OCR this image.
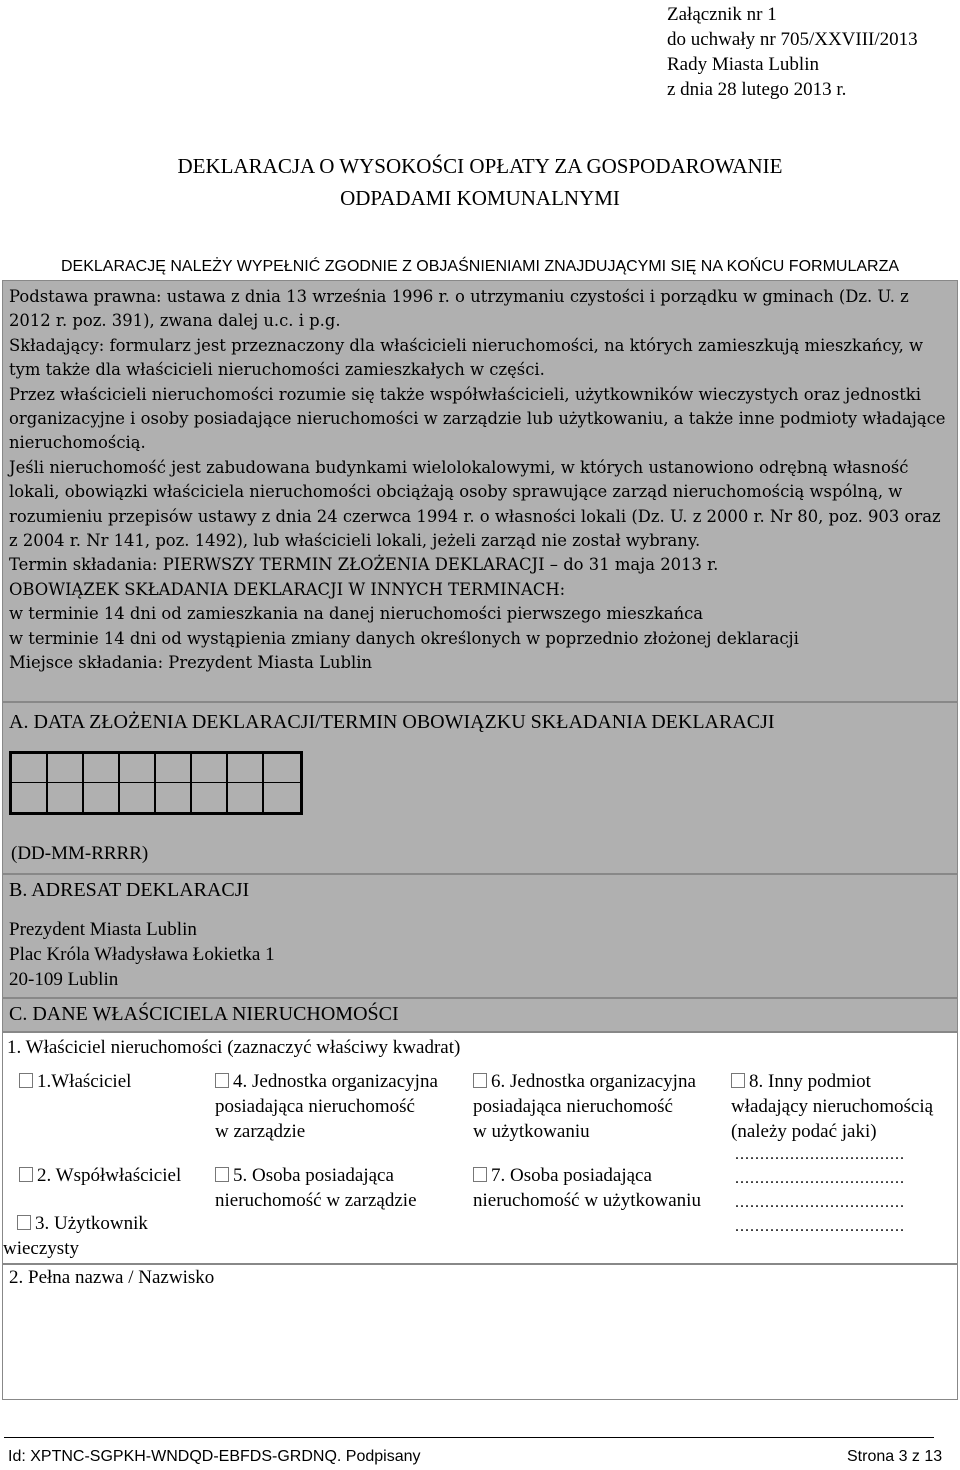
Załącznik nr 1
do uchwały nr 705/XXVIII/2013
Rady Miasta Lublin
z dnia 28 lutego 2013 r.
DEKLARACJA O WYSOKOŚCI OPŁATY ZA GOSPODAROWANIE
ODPADAMI KOMUNALNYMI
DEKLARACJĘ NALEŻY WYPEŁNIĆ ZGODNIE Z OBJAŚNIENIAMI ZNAJDUJĄCYMI SIĘ NA KOŃCU FORMULARZA

Podstawa prawna: ustawa z dnia 13 września 1996 r. o utrzymaniu czystości i porządku w gminach (Dz. U. z 2012 r. poz. 391), zwana dalej u.c. i p.g.

Składający: formularz jest przeznaczony dla właścicieli nieruchomości, na których zamieszkują mieszkańcy, w tym także dla właścicieli nieruchomości zamieszkałych w części.

Przez właścicieli nieruchomości rozumie się także współwłaścicieli, użytkowników wieczystych oraz jednostki organizacyjne i osoby posiadające nieruchomości w zarządzie lub użytkowaniu, a także inne podmioty władające nieruchomością.

Jeśli nieruchomość jest zabudowana budynkami wielolokalowymi, w których ustanowiono odrębną własność lokali, obowiązki właściciela nieruchomości obciążają osoby sprawujące zarząd nieruchomością wspólną, w rozumieniu przepisów ustawy z dnia 24 czerwca 1994 r. o własności lokali (Dz. U. z 2000 r. Nr 80, poz. 903 oraz z 2004 r. Nr 141, poz. 1492), lub właścicieli lokali, jeżeli zarząd nie został wybrany.

Termin składania: PIERWSZY TERMIN ZŁOŻENIA DEKLARACJI – do 31 maja 2013 r.

OBOWIĄZEK SKŁADANIA DEKLARACJI W INNYCH TERMINACH:

w terminie 14 dni od zamieszkania na danej nieruchomości pierwszego mieszkańca

w terminie 14 dni od wystąpienia zmiany danych określonych w poprzednio złożonej deklaracji

Miejsce składania: Prezydent Miasta Lublin

A. DATA ZŁOŻENIA DEKLARACJI/TERMIN OBOWIĄZKU SKŁADANIA DEKLARACJI
(DD-MM-RRRR)
B. ADRESAT DEKLARACJI
Prezydent Miasta Lublin
Plac Króla Władysława Łokietka 1
20-109 Lublin
C. DANE WŁAŚCICIELA NIERUCHOMOŚCI
1. Właściciel nieruchomości (zaznaczyć właściwy kwadrat)
1.Właściciel
2. Współwłaściciel
3. Użytkownik
wieczysty
4. Jednostka organizacyjna
posiadająca nieruchomość
w zarządzie
5. Osoba posiadająca
nieruchomość w zarządzie
6. Jednostka organizacyjna
posiadająca nieruchomość
w użytkowaniu
7. Osoba posiadająca
nieruchomość w użytkowaniu
8. Inny podmiot
władający nieruchomością
(należy podać jaki)
..................................
..................................
..................................
..................................
2. Pełna nazwa / Nazwisko
Id: XPTNC-SGPKH-WNDQD-EBFDS-GRDNQ. Podpisany	Strona 3 z 13
